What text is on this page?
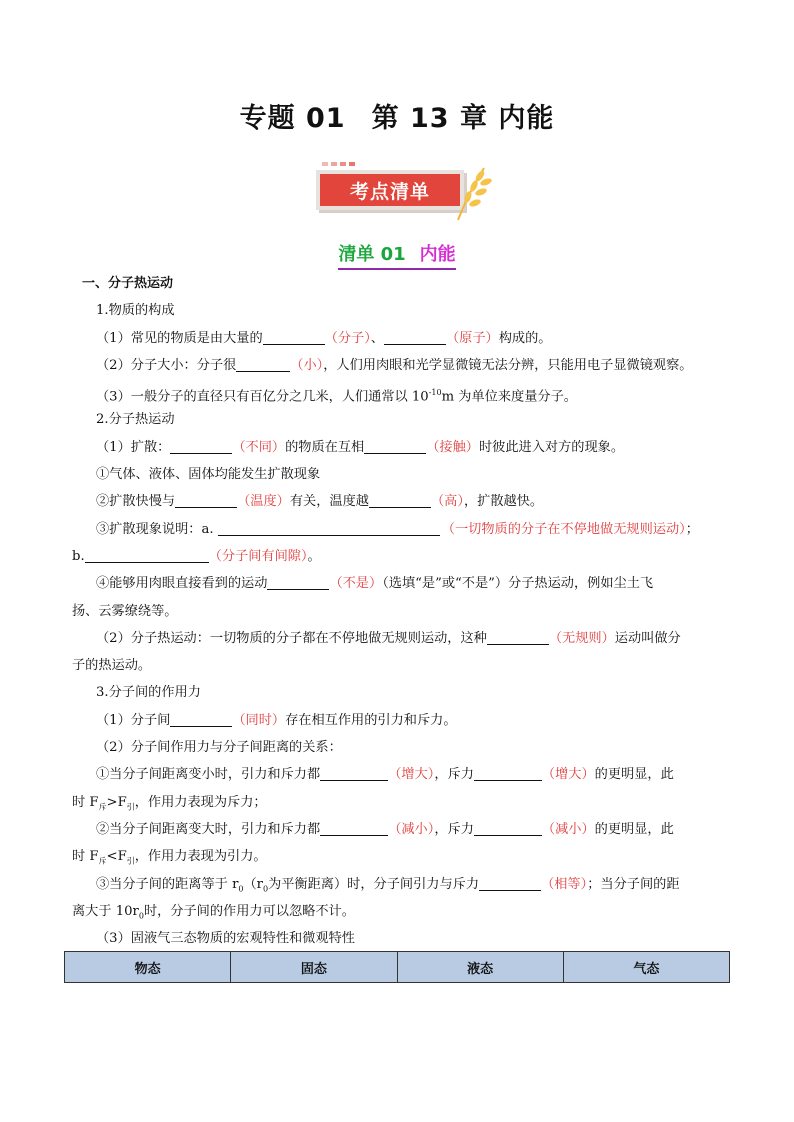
专题 01 第 13 章 内能
考点清单
清单 01 内能
一、分子热运动
1.物质的构成
（1）常见的物质是由大量的	（分子）、	（原子）构成的。
（2）分子大小：分子很	（小），人们用肉眼和光学显微镜无法分辨，只能用电子显微镜观察。
（3）一般分子的直径只有百亿分之几米，人们通常以 $10^{-10}m$ 为单位来度量分子。
2.分子热运动
（1）扩散：	（不同）的物质在互相	（接触）时彼此进入对方的现象。
①气体、液体、固体均能发生扩散现象
②扩散快慢与	（温度）有关，温度越	（高），扩散越快。
③扩散现象说明：a.	（一切物质的分子在不停地做无规则运动）；
b.	（分子间有间隙）。
④能够用肉眼直接看到的运动	（不是）（选填“是”或“不是”）分子热运动，例如尘土飞
扬、云雾缭绕等。
（2）分子热运动：一切物质的分子都在不停地做无规则运动，这种	（无规则）运动叫做分
子的热运动。
3.分子间的作用力
（1）分子间	（同时）存在相互作用的引力和斥力。
（2）分子间作用力与分子间距离的关系：
①当分子间距离变小时，引力和斥力都	（增大），斥力	（增大）的更明显，此
时 $F_斥>F_引$，作用力表现为斥力；
②当分子间距离变大时，引力和斥力都	（减小），斥力	（减小）的更明显，此
时 $F_斥<F_引$，作用力表现为引力。
③当分子间的距离等于 $r_0(r_0$为平衡距离）时，分子间引力与斥力	（相等）；当分子间的距
离大于 $10r_0$时，分子间的作用力可以忽略不计。
（3）固液气三态物质的宏观特性和微观特性
物态	固态	液态	气态
